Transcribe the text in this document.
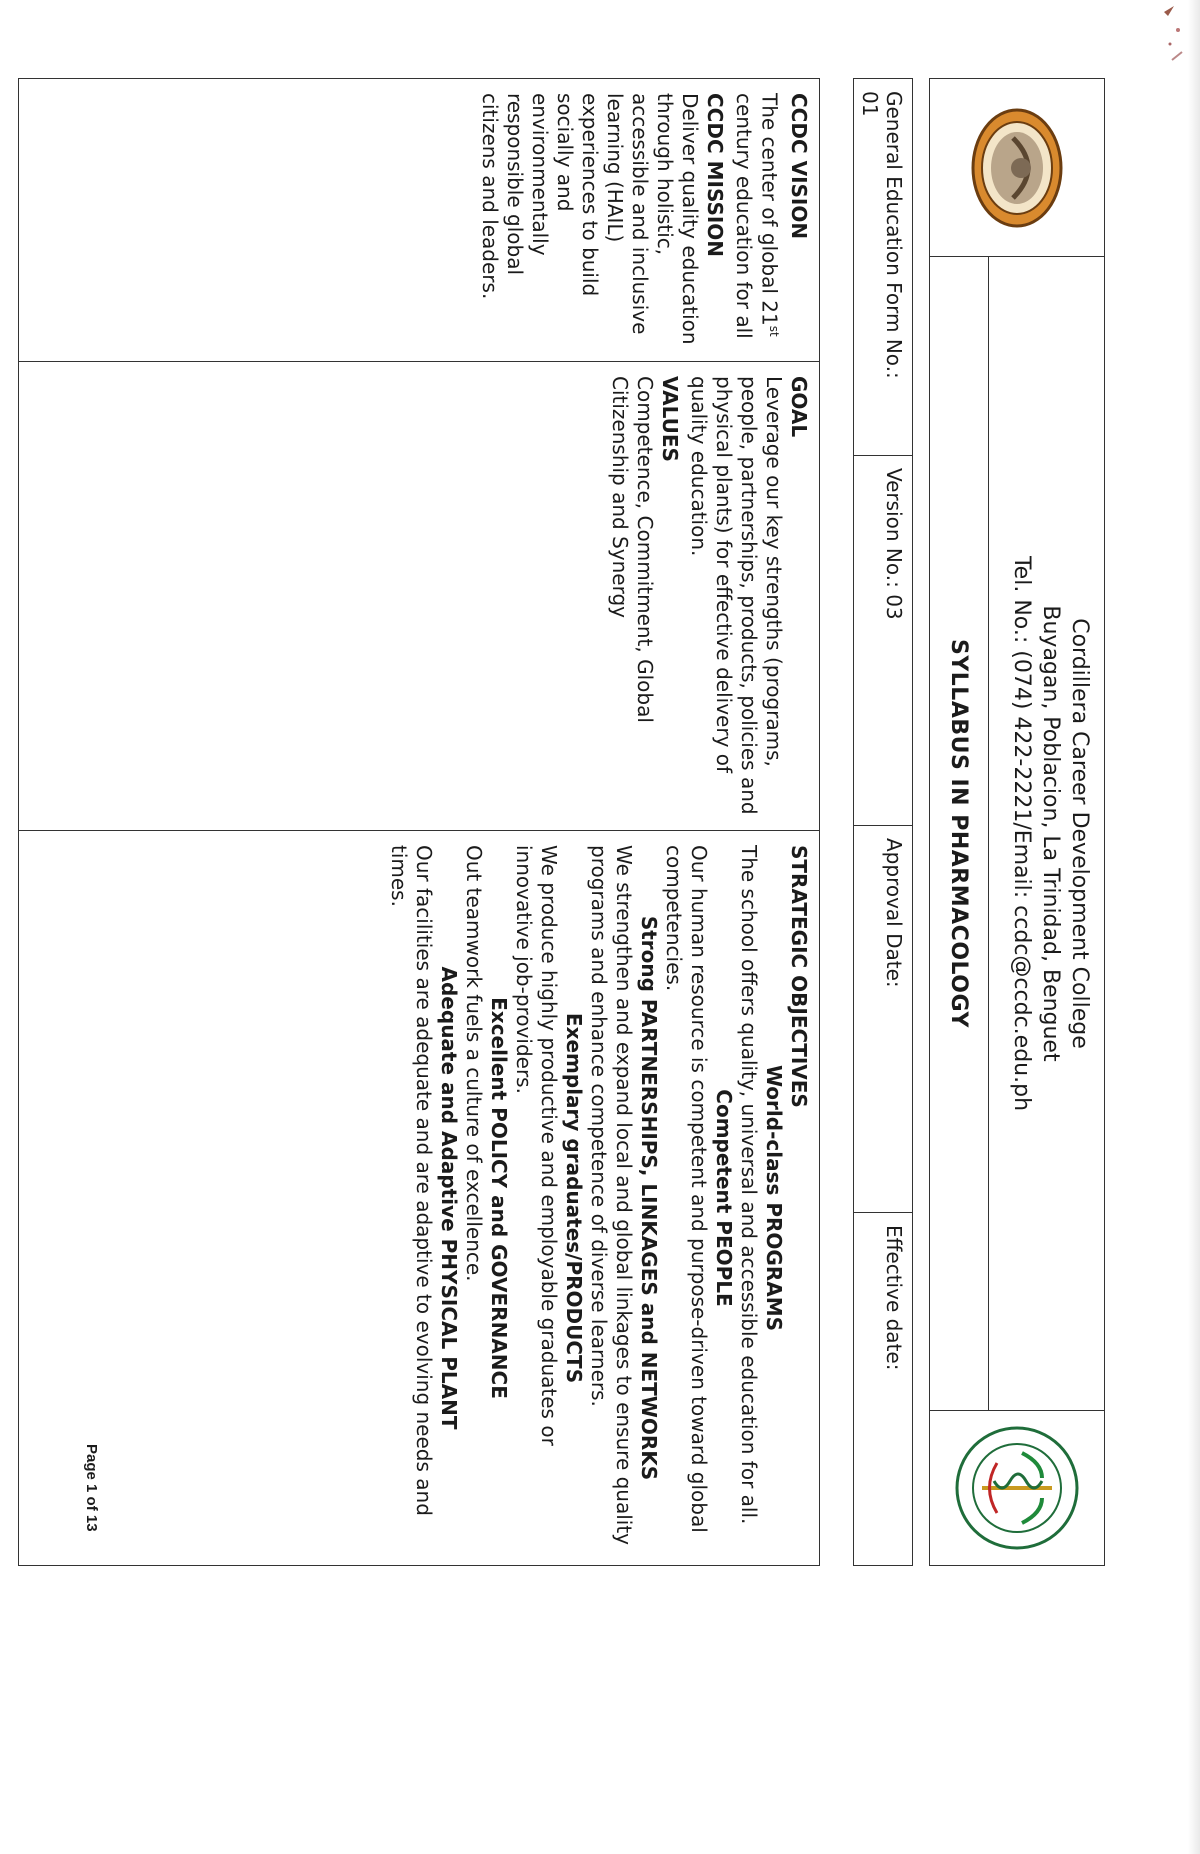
Cordillera Career Development College
Buyagan, Poblacion, La Trinidad, Benguet
Tel. No.: (074) 422-2221/Email: ccdc@ccdc.edu.ph
SYLLABUS IN PHARMACOLOGY
General Education Form No.:
01
Version No.: 03
Approval Date:
Effective date:
CCDC VISION

The center of global 21st century education for all

CCDC MISSION

Deliver quality education through holistic, accessible and inclusive learning (HAIL) experiences to build socially and environmentally responsible global citizens and leaders.

GOAL

Leverage our key strengths (programs, people, partnerships, products, policies and physical plants) for effective delivery of quality education.

VALUES

Competence, Commitment, Global Citizenship and Synergy

STRATEGIC OBJECTIVES
World-class PROGRAMS

The school offers quality, universal and accessible education for all.

Competent PEOPLE

Our human resource is competent and purpose-driven toward global competencies.

Strong PARTNERSHIPS, LINKAGES and NETWORKS

We strengthen and expand local and global linkages to ensure quality programs and enhance competence of diverse learners.

Exemplary graduates/PRODUCTS

We produce highly productive and employable graduates or innovative job-providers.

Excellent POLICY and GOVERNANCE

Out teamwork fuels a culture of excellence.

Adequate and Adaptive PHYSICAL PLANT

Our facilities are adequate and are adaptive to evolving needs and times.

Page 1 of 13
